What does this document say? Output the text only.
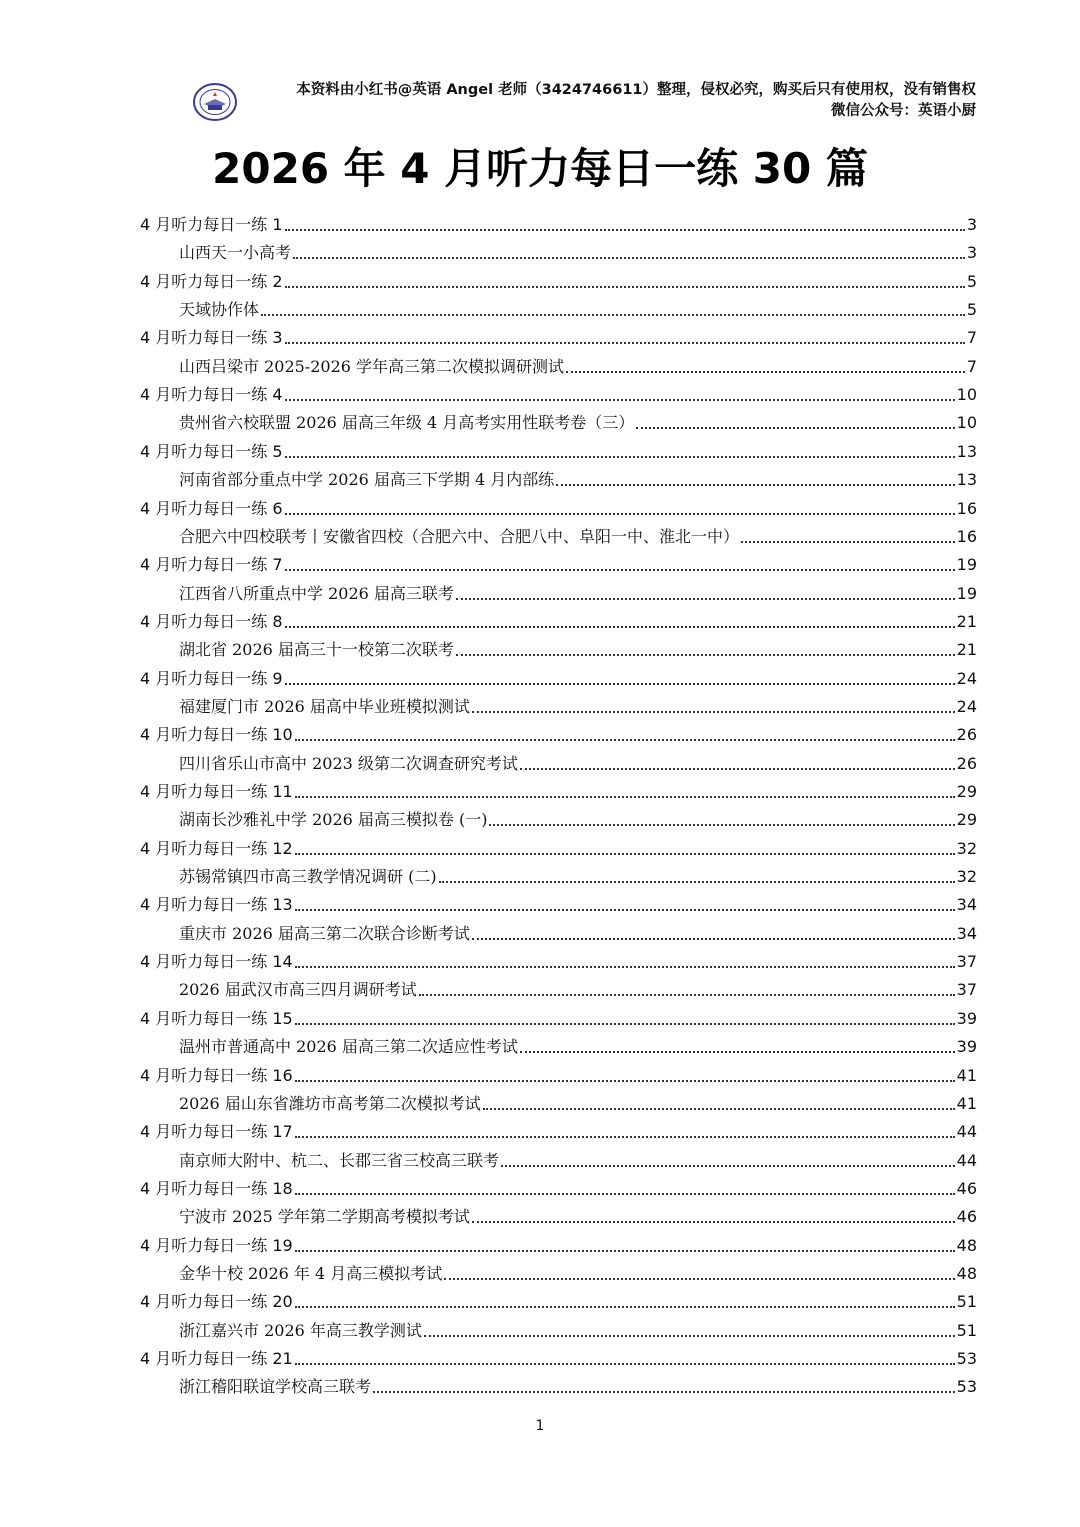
本资料由小红书@英语 Angel 老师（3424746611）整理，侵权必究，购买后只有使用权，没有销售权
微信公众号：英语小厨
2026 年 4 月听力每日一练 30 篇
4 月听力每日一练 1	3
山西天一小高考	3
4 月听力每日一练 2	5
天域协作体	5
4 月听力每日一练 3	7
山西吕梁市 2025-2026 学年高三第二次模拟调研测试	7
4 月听力每日一练 4	10
贵州省六校联盟 2026 届高三年级 4 月高考实用性联考卷（三）	10
4 月听力每日一练 5	13
河南省部分重点中学 2026 届高三下学期 4 月内部练	13
4 月听力每日一练 6	16
合肥六中四校联考丨安徽省四校（合肥六中、合肥八中、阜阳一中、淮北一中）	16
4 月听力每日一练 7	19
江西省八所重点中学 2026 届高三联考	19
4 月听力每日一练 8	21
湖北省 2026 届高三十一校第二次联考	21
4 月听力每日一练 9	24
福建厦门市 2026 届高中毕业班模拟测试	24
4 月听力每日一练 10	26
四川省乐山市高中 2023 级第二次调查研究考试	26
4 月听力每日一练 11	29
湖南长沙雅礼中学 2026 届高三模拟卷 (一)	29
4 月听力每日一练 12	32
苏锡常镇四市高三教学情况调研 (二)	32
4 月听力每日一练 13	34
重庆市 2026 届高三第二次联合诊断考试	34
4 月听力每日一练 14	37
2026 届武汉市高三四月调研考试	37
4 月听力每日一练 15	39
温州市普通高中 2026 届高三第二次适应性考试	39
4 月听力每日一练 16	41
2026 届山东省潍坊市高考第二次模拟考试	41
4 月听力每日一练 17	44
南京师大附中、杭二、长郡三省三校高三联考	44
4 月听力每日一练 18	46
宁波市 2025 学年第二学期高考模拟考试	46
4 月听力每日一练 19	48
金华十校 2026 年 4 月高三模拟考试	48
4 月听力每日一练 20	51
浙江嘉兴市 2026 年高三教学测试	51
4 月听力每日一练 21	53
浙江稽阳联谊学校高三联考	53
1
